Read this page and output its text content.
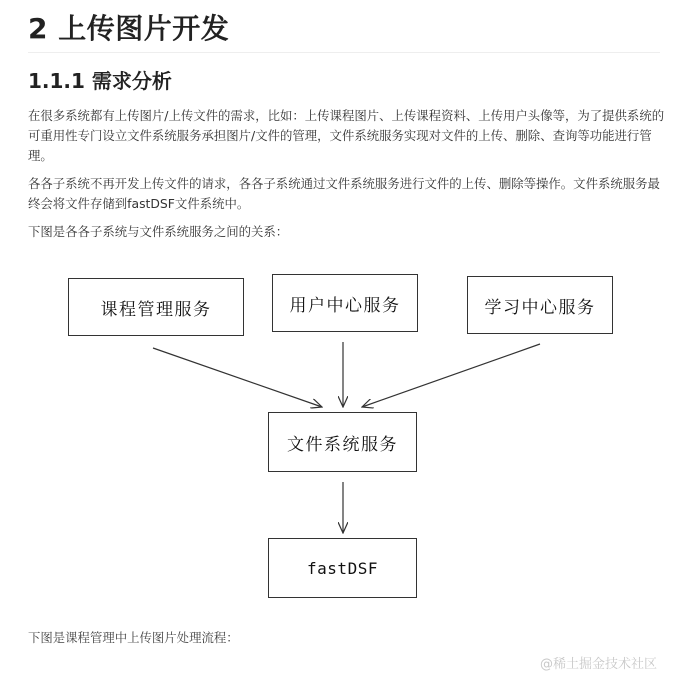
2 上传图片开发
1.1.1 需求分析

在很多系统都有上传图片/上传文件的需求，比如：上传课程图片、上传课程资料、上传用户头像等，为了提供系统的可重用性专门设立文件系统服务承担图片/文件的管理，文件系统服务实现对文件的上传、删除、查询等功能进行管理。

各各子系统不再开发上传文件的请求，各各子系统通过文件系统服务进行文件的上传、删除等操作。文件系统服务最终会将文件存储到fastDSF文件系统中。

下图是各各子系统与文件系统服务之间的关系：

课程管理服务	用户中心服务	学习中心服务
文件系统服务
fastDSF

下图是课程管理中上传图片处理流程：

@稀土掘金技术社区
